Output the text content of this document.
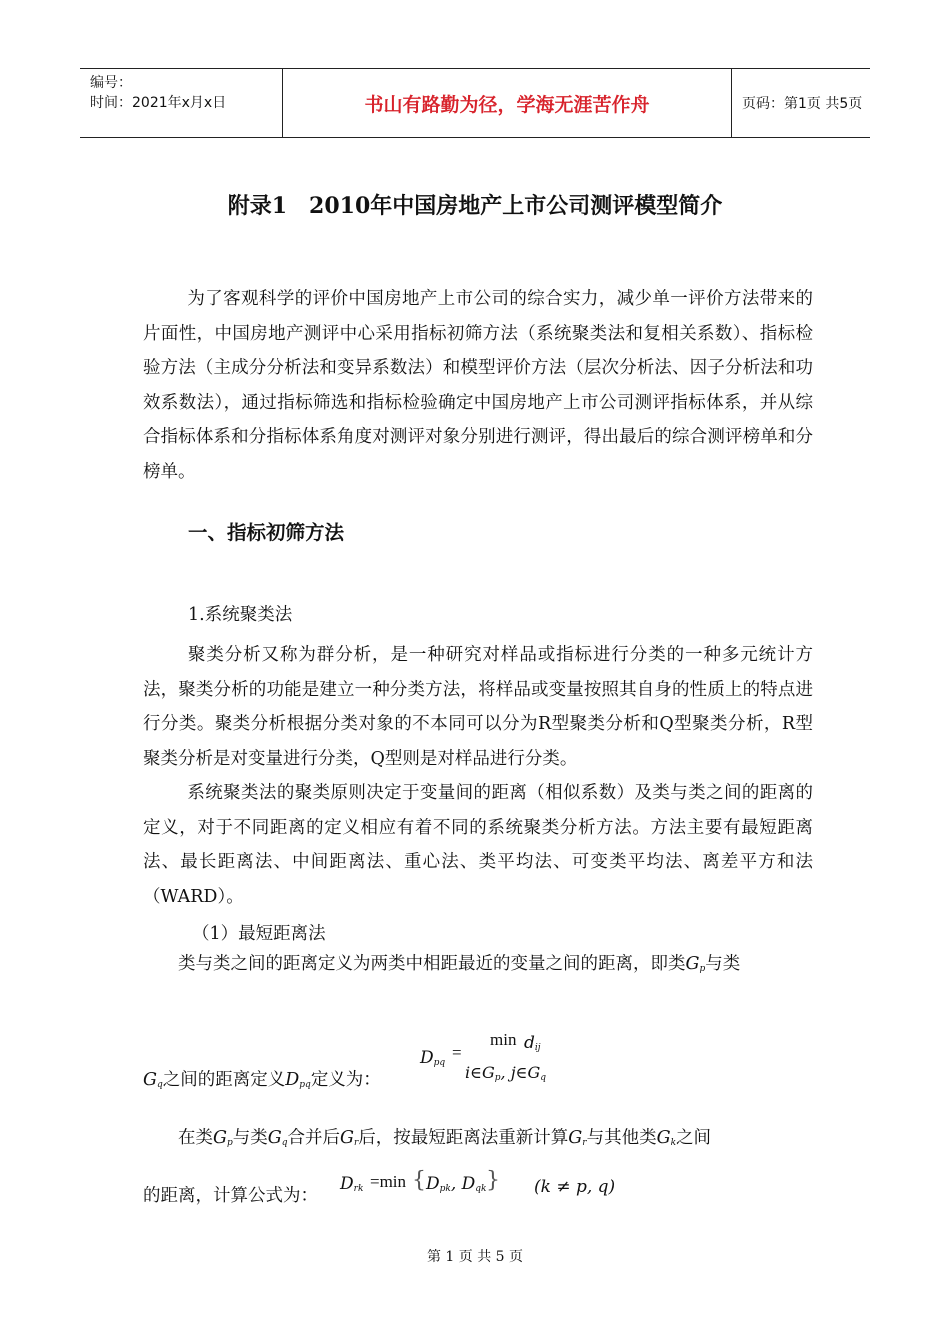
编号：
时间：2021年x月x日	书山有路勤为径，学海无涯苦作舟	页码：第1页 共5页
附录1　2010年中国房地产上市公司测评模型简介

为了客观科学的评价中国房地产上市公司的综合实力，减少单一评价方法带来的片面性，中国房地产测评中心采用指标初筛方法（系统聚类法和复相关系数）、指标检验方法（主成分分析法和变异系数法）和模型评价方法（层次分析法、因子分析法和功效系数法），通过指标筛选和指标检验确定中国房地产上市公司测评指标体系，并从综合指标体系和分指标体系角度对测评对象分别进行测评，得出最后的综合测评榜单和分榜单。

一、指标初筛方法
1.系统聚类法

聚类分析又称为群分析，是一种研究对样品或指标进行分类的一种多元统计方法，聚类分析的功能是建立一种分类方法，将样品或变量按照其自身的性质上的特点进行分类。聚类分析根据分类对象的不本同可以分为R型聚类分析和Q型聚类分析，R型聚类分析是对变量进行分类，Q型则是对样品进行分类。

系统聚类法的聚类原则决定于变量间的距离（相似系数）及类与类之间的距离的定义，对于不同距离的定义相应有着不同的系统聚类分析方法。方法主要有最短距离法、最长距离法、中间距离法、重心法、类平均法、可变类平均法、离差平方和法（WARD）。

（1）最短距离法
类与类之间的距离定义为两类中相距最近的变量之间的距离，即类$G_p$与类
$G_q$之间的距离定义$D_{pq}$定义为：
$\min d_{ij}$
$D_{pq}$
=
$i\in G_p$, $j\in G_q$
在类$G_p$与类$G_q$合并后$G_r$后，按最短距离法重新计算$G_r$与其他类$G_k$之间
的距离，计算公式为：
$D_{rk} =\min$ { $D_{pk}$, $D_{qk}$ } (k ≠ p, q)
第 1 页 共 5 页
